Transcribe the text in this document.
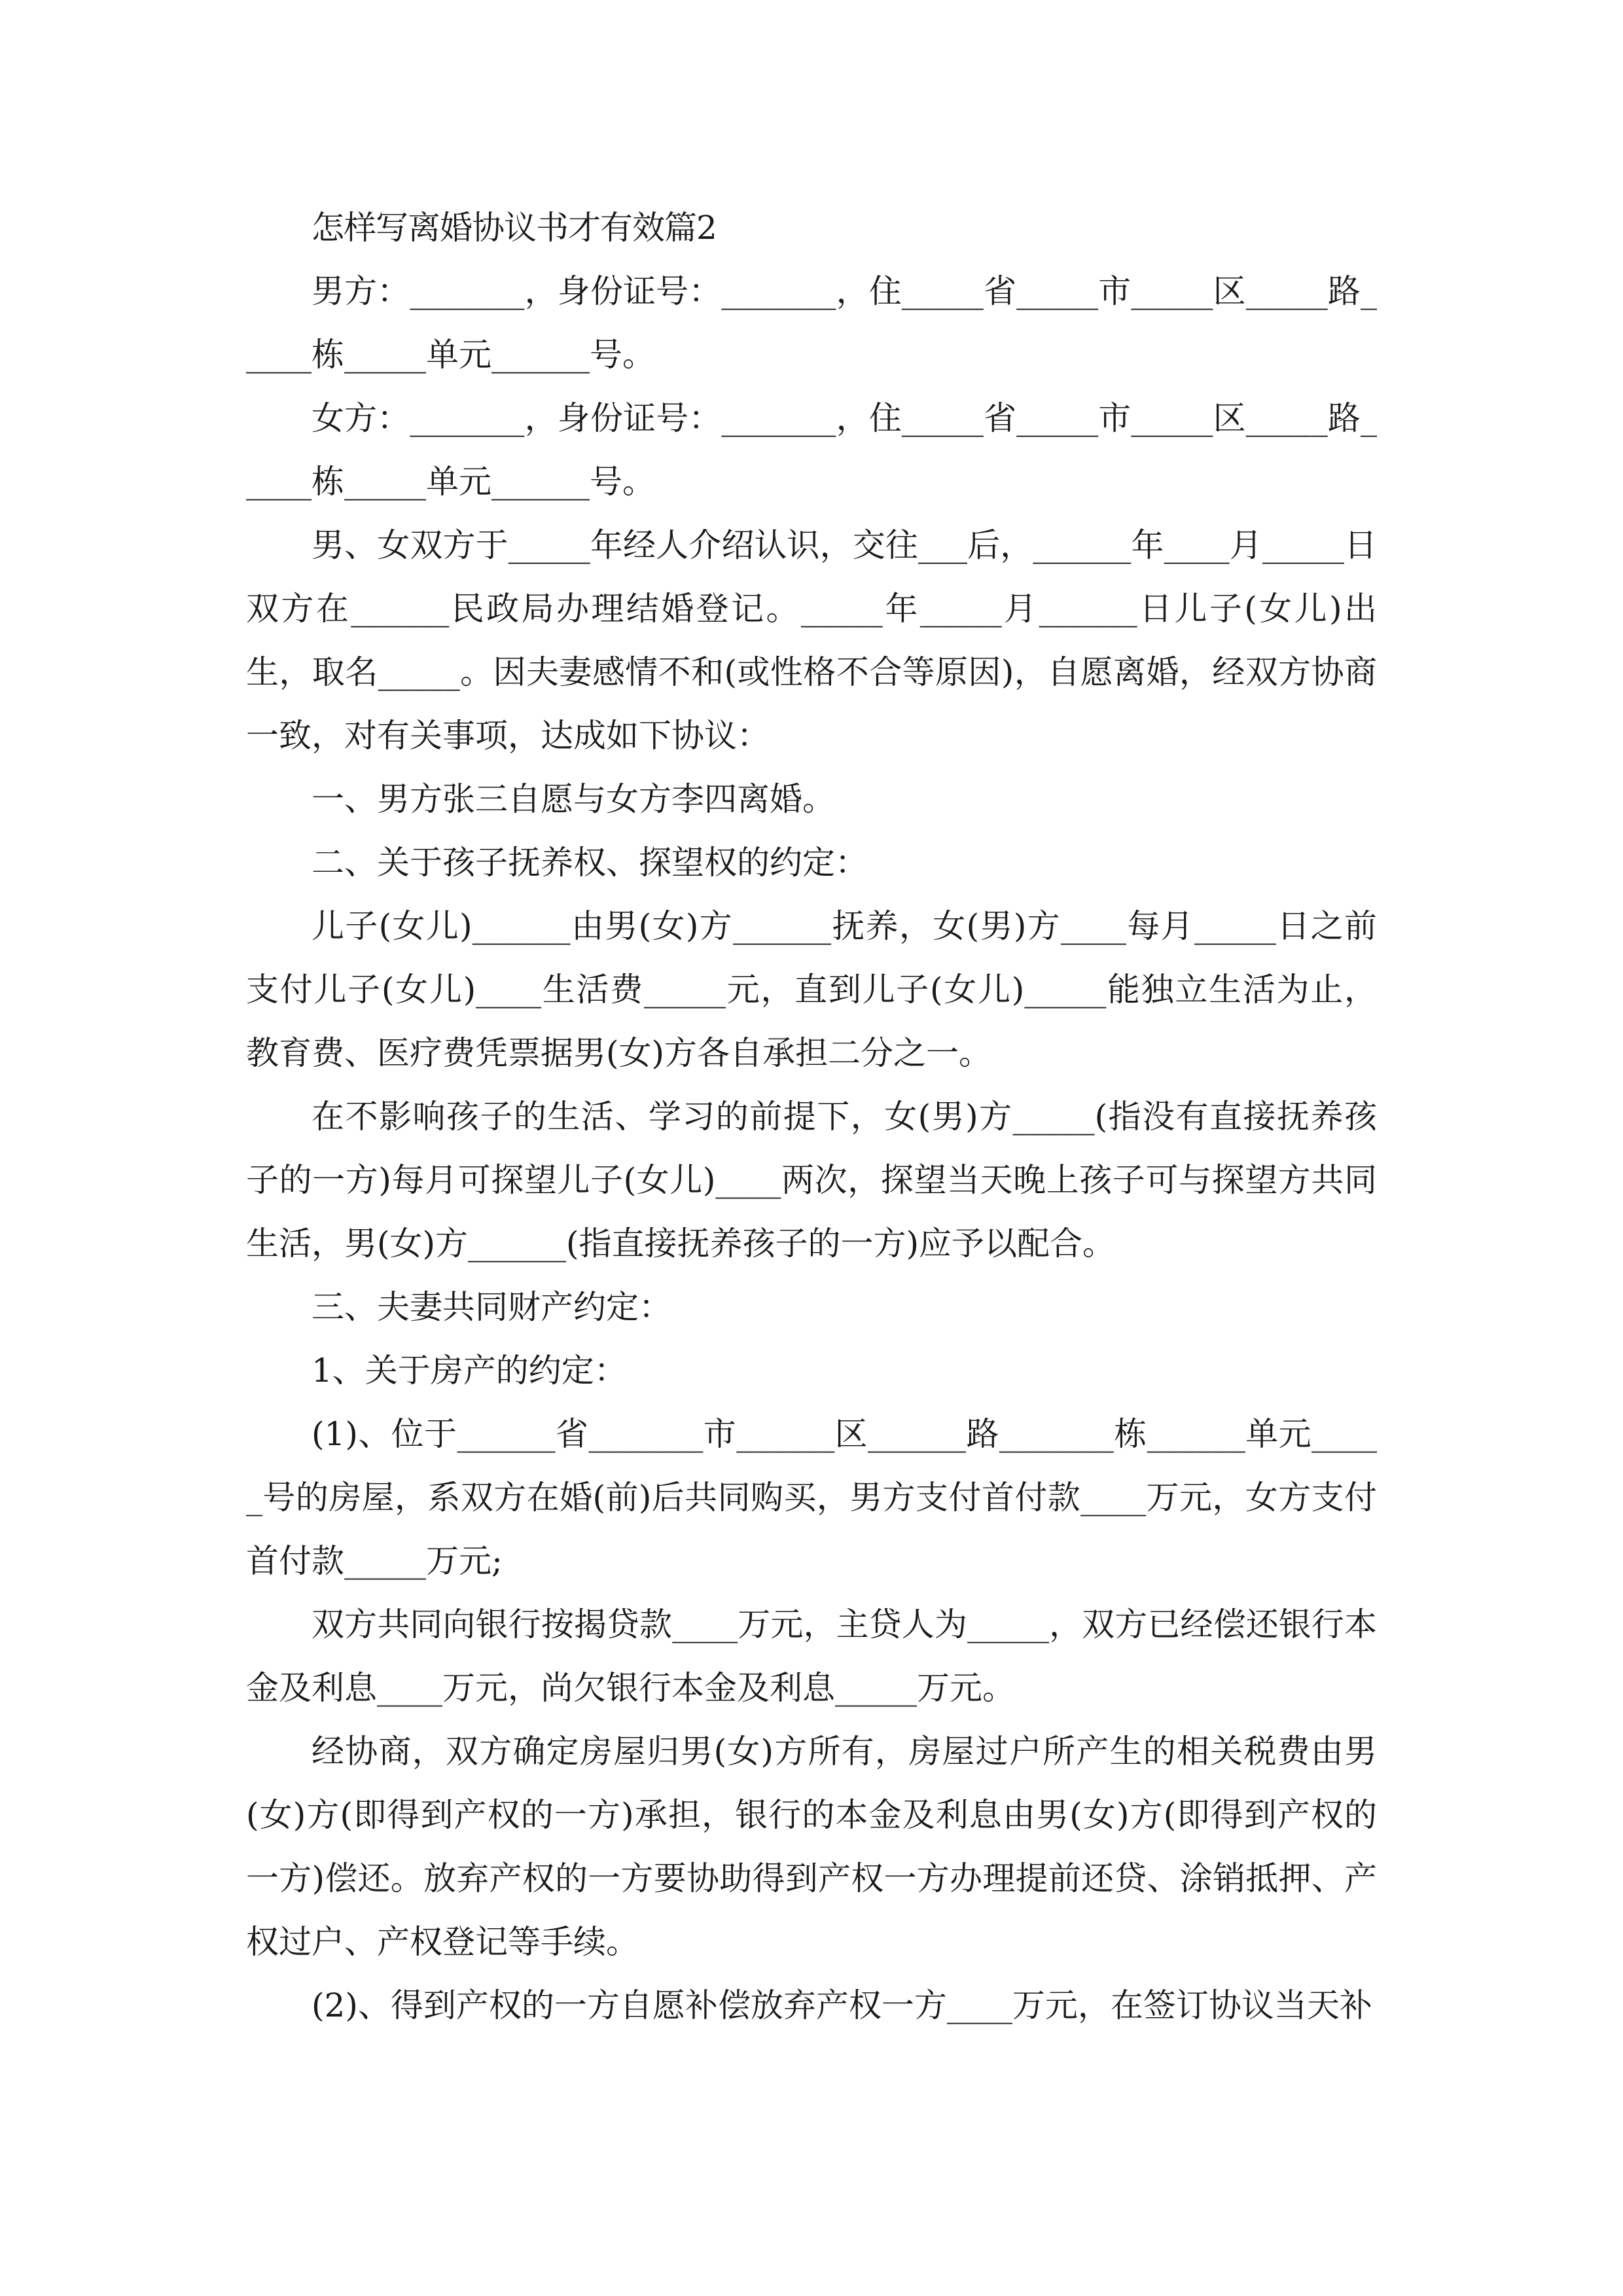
怎样写离婚协议书才有效篇2

男方：_______，身份证号：_______，住_____省_____市_____区_____路_____栋_____单元______号。

女方：_______，身份证号：_______，住_____省_____市_____区_____路_____栋_____单元______号。

男、女双方于_____年经人介绍认识，交往___后，______年____月_____日双方在______民政局办理结婚登记。_____年_____月______日儿子(女儿)出生，取名_____。因夫妻感情不和(或性格不合等原因)，自愿离婚，经双方协商一致，对有关事项，达成如下协议：

一、男方张三自愿与女方李四离婚。

二、关于孩子抚养权、探望权的约定：

儿子(女儿)______由男(女)方______抚养，女(男)方____每月_____日之前支付儿子(女儿)____生活费_____元，直到儿子(女儿)_____能独立生活为止，教育费、医疗费凭票据男(女)方各自承担二分之一。

在不影响孩子的生活、学习的前提下，女(男)方_____(指没有直接抚养孩子的一方)每月可探望儿子(女儿)____两次，探望当天晚上孩子可与探望方共同生活，男(女)方______(指直接抚养孩子的一方)应予以配合。

三、夫妻共同财产约定：

1、关于房产的约定：

(1)、位于______省_______市______区______路_______栋______单元_____号的房屋，系双方在婚(前)后共同购买，男方支付首付款____万元，女方支付首付款_____万元;

双方共同向银行按揭贷款____万元，主贷人为_____，双方已经偿还银行本金及利息____万元，尚欠银行本金及利息_____万元。

经协商，双方确定房屋归男(女)方所有，房屋过户所产生的相关税费由男(女)方(即得到产权的一方)承担，银行的本金及利息由男(女)方(即得到产权的一方)偿还。放弃产权的一方要协助得到产权一方办理提前还贷、涂销抵押、产权过户、产权登记等手续。

(2)、得到产权的一方自愿补偿放弃产权一方____万元，在签订协议当天补
